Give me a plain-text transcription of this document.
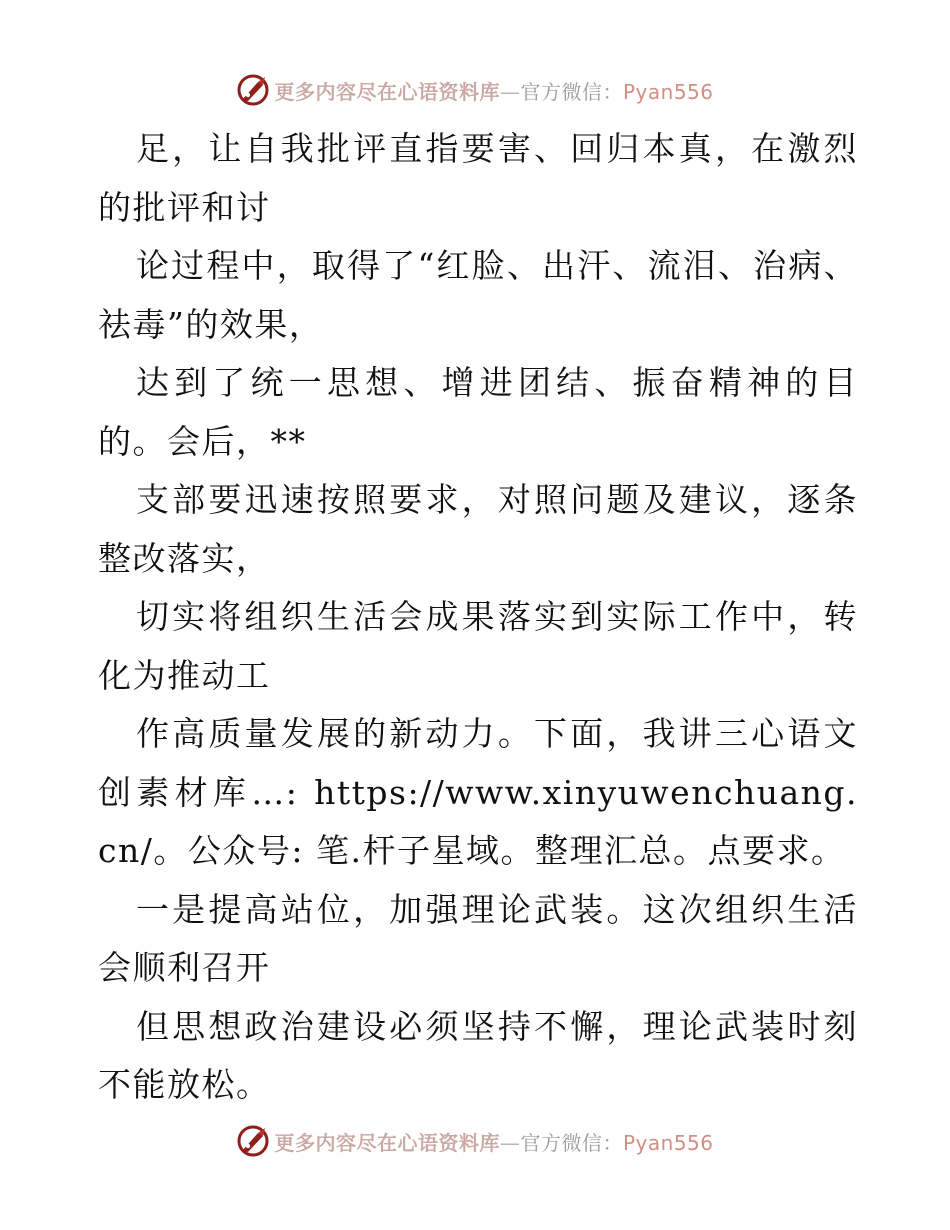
更多内容尽在心语资料库—官方微信：Pyan556

足，让自我批评直指要害、回归本真，在激烈的批评和讨

论过程中，取得了“红脸、出汗、流泪、治病、祛毒”的效果，

达到了统一思想、增进团结、振奋精神的目的。会后，**

支部要迅速按照要求，对照问题及建议，逐条整改落实，

切实将组织生活会成果落实到实际工作中，转化为推动工

作高质量发展的新动力。下面，我讲三心语文创素材库…: https://www.xinyuwenchuang.cn/。公众号: 笔.杆子星域。整理汇总。点要求。

一是提高站位，加强理论武装。这次组织生活会顺利召开

但思想政治建设必须坚持不懈，理论武装时刻不能放松。

更多内容尽在心语资料库—官方微信：Pyan556
